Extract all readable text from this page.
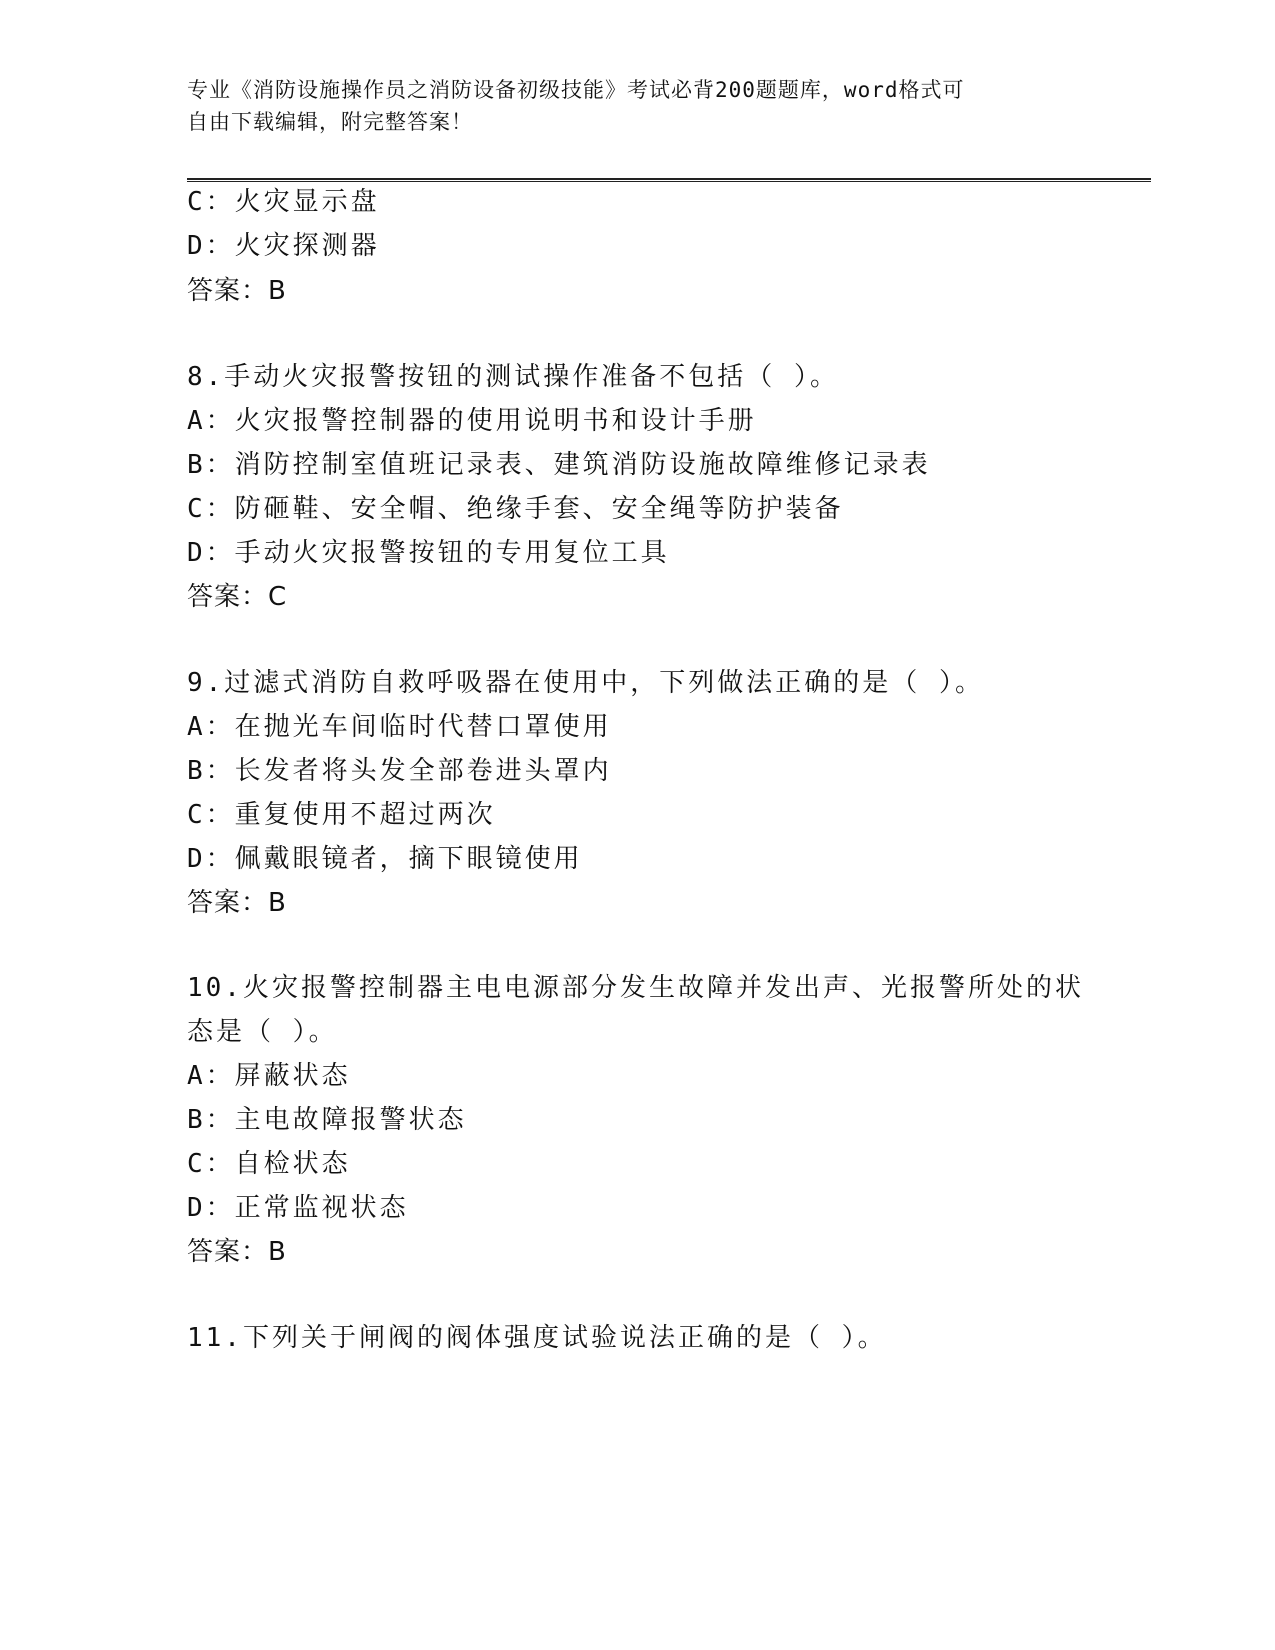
专业《消防设施操作员之消防设备初级技能》考试必背200题题库，word格式可
自由下载编辑，附完整答案！
C：火灾显示盘
D：火灾探测器
答案：B
8.手动火灾报警按钮的测试操作准备不包括（ ）。
A：火灾报警控制器的使用说明书和设计手册
B：消防控制室值班记录表、建筑消防设施故障维修记录表
C：防砸鞋、安全帽、绝缘手套、安全绳等防护装备
D：手动火灾报警按钮的专用复位工具
答案：C
9.过滤式消防自救呼吸器在使用中，下列做法正确的是（ ）。
A：在抛光车间临时代替口罩使用
B：长发者将头发全部卷进头罩内
C：重复使用不超过两次
D：佩戴眼镜者，摘下眼镜使用
答案：B
10.火灾报警控制器主电电源部分发生故障并发出声、光报警所处的状
态是（ ）。
A：屏蔽状态
B：主电故障报警状态
C：自检状态
D：正常监视状态
答案：B
11.下列关于闸阀的阀体强度试验说法正确的是（ ）。
